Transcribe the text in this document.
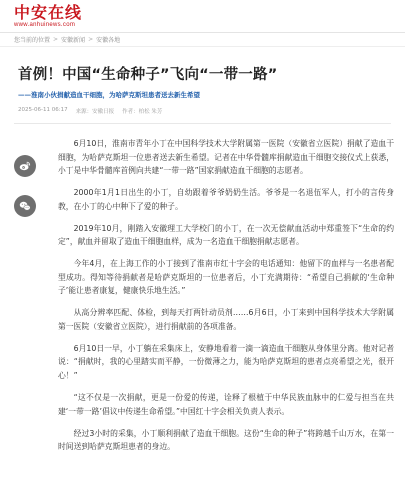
中安在线
www.anhuinews.com
您当前的位置 > 安徽新闻 > 安徽各地
首例！中国“生命种子”飞向“一带一路”
——淮南小伙捐献造血干细胞，为哈萨克斯坦患者送去新生希望
2025-06-11 06:17 来源：安徽日报 作者：柏松 朱芳

6月10日，淮南市青年小丁在中国科学技术大学附属第一医院（安徽省立医院）捐献了造血干细胞，为哈萨克斯坦一位患者送去新生希望。记者在中华骨髓库捐献造血干细胞交接仪式上获悉，小丁是中华骨髓库首例向共建“一带一路”国家捐献造血干细胞的志愿者。

2000年1月1日出生的小丁，自幼跟着爷爷奶奶生活。爷爷是一名退伍军人，打小的言传身教，在小丁的心中种下了爱的种子。

2019年10月，刚踏入安徽理工大学校门的小丁，在一次无偿献血活动中郑重签下“生命的约定”，献血并留取了造血干细胞血样，成为一名造血干细胞捐献志愿者。

今年4月，在上海工作的小丁接到了淮南市红十字会的电话通知：他留下的血样与一名患者配型成功。得知等待捐献者是哈萨克斯坦的一位患者后，小丁充满期待：“希望自己捐献的‘生命种子’能让患者康复，健康快乐地生活。”

从高分辨率匹配、体检，到每天打两针动员剂……6月6日，小丁来到中国科学技术大学附属第一医院（安徽省立医院），进行捐献前的各项准备。

6月10日一早，小丁躺在采集床上，安静地看着一滴一滴造血干细胞从身体里分离。他对记者说：“捐献时，我的心里踏实而平静，一份微薄之力，能为哈萨克斯坦的患者点亮希望之光，很开心！”

“这不仅是一次捐献，更是一份爱的传递，诠释了根植于中华民族血脉中的仁爱与担当在共建‘一带一路’倡议中传递生命希望。”中国红十字会相关负责人表示。

经过3小时的采集，小丁顺利捐献了造血干细胞。这份“生命的种子”将跨越千山万水，在第一时间送到哈萨克斯坦患者的身边。
